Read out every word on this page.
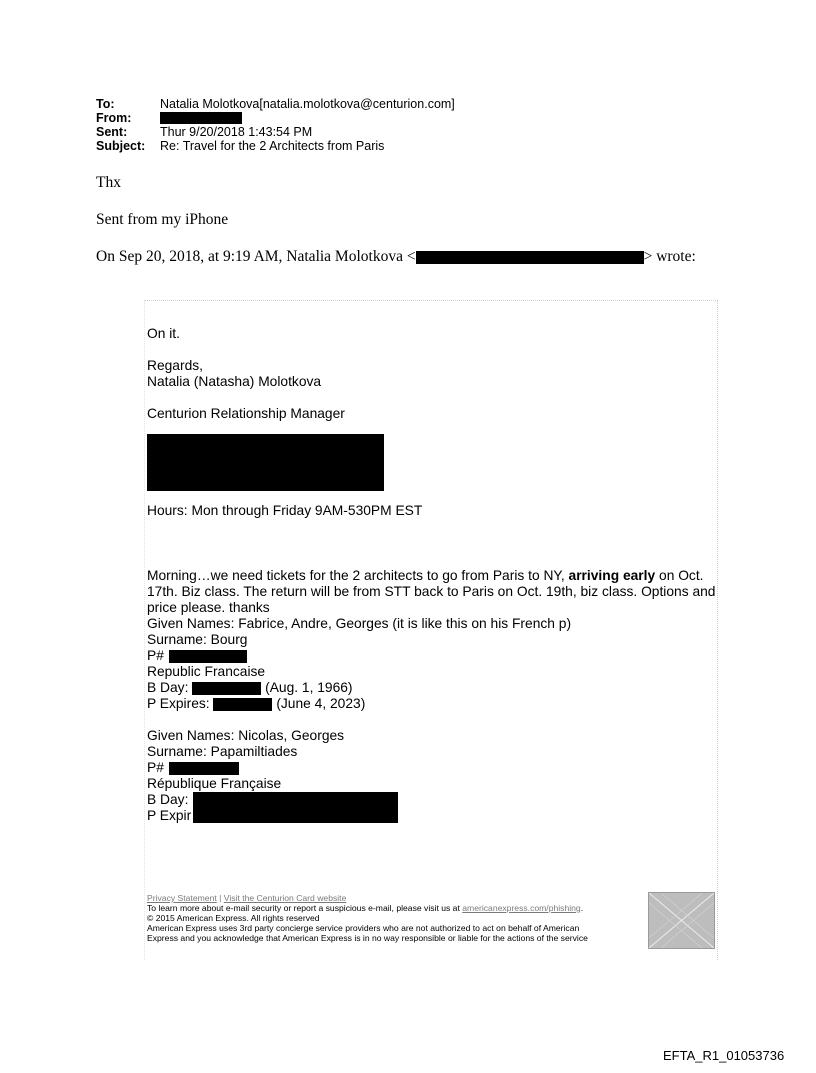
To:	Natalia Molotkova[natalia.molotkova@centurion.com]
From:
Sent:	Thur 9/20/2018 1:43:54 PM
Subject:	Re: Travel for the 2 Architects from Paris
Thx
Sent from my iPhone
On Sep 20, 2018, at 9:19 AM, Natalia Molotkova <	> wrote:
On it.
Regards,
Natalia (Natasha) Molotkova
Centurion Relationship Manager
Hours: Mon through Friday 9AM-530PM EST
Morning…we need tickets for the 2 architects to go from Paris to NY, arriving early on Oct. 17th. Biz class. The return will be from STT back to Paris on Oct. 19th, biz class. Options and price please. thanks
Given Names: Fabrice, Andre, Georges (it is like this on his French p)
Surname: Bourg
P#
Republic Francaise
B Day:	(Aug. 1, 1966)
P Expires:	(June 4, 2023)
Given Names: Nicolas, Georges
Surname: Papamiltiades
P#
République Française
B Day:
P Expir
Privacy Statement | Visit the Centurion Card website
To learn more about e-mail security or report a suspicious e-mail, please visit us at americanexpress.com/phishing.
© 2015 American Express. All rights reserved
American Express uses 3rd party concierge service providers who are not authorized to act on behalf of American
Express and you acknowledge that American Express is in no way responsible or liable for the actions of the service
EFTA_R1_01053736
